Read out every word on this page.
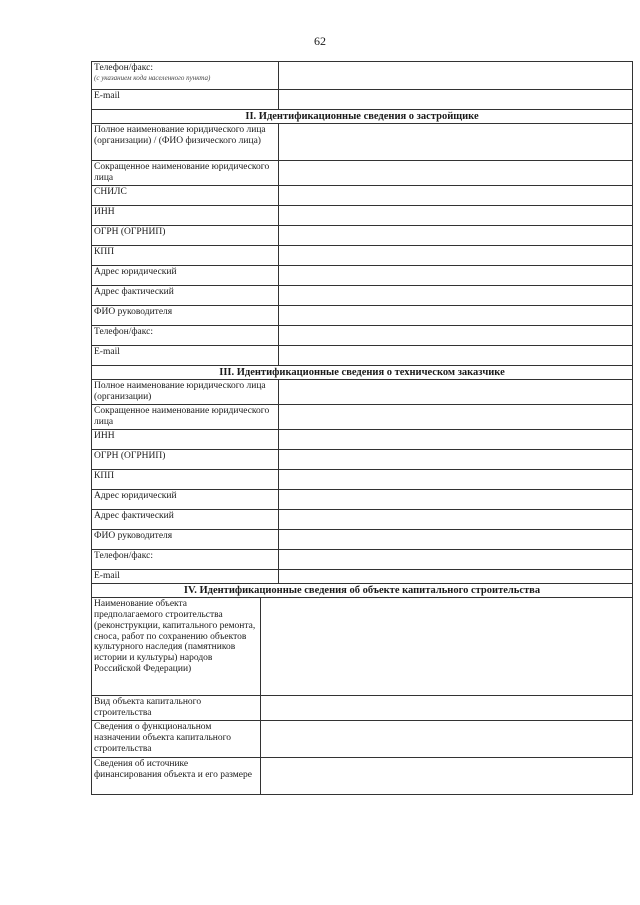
62
Телефон/факс:
(с указанием кода населенного пункта)		

E-mail		
II. Идентификационные сведения о застройщике		
Полное наименование юридического лица (организации) / (ФИО физического лица)		
Сокращенное наименование юридического лица		
СНИЛС		
ИНН		
ОГРН (ОГРНИП)		
КПП		
Адрес юридический		
Адрес фактический		
ФИО руководителя		
Телефон/факс:		
E-mail		
III. Идентификационные сведения о техническом заказчике		
Полное наименование юридического лица (организации)		
Сокращенное наименование юридического лица		
ИНН		
ОГРН (ОГРНИП)		
КПП		
Адрес юридический		
Адрес фактический		
ФИО руководителя		
Телефон/факс:		
E-mail		
IV. Идентификационные сведения об объекте капитального строительства		
Наименование объекта предполагаемого строительства (реконструкции, капитального ремонта, сноса, работ по сохранению объектов культурного наследия (памятников истории и культуры) народов Российской Федерации)		
Вид объекта капитального строительства		
Сведения о функциональном назначении объекта капитального строительства		
Сведения об источнике финансирования объекта и его размере		
